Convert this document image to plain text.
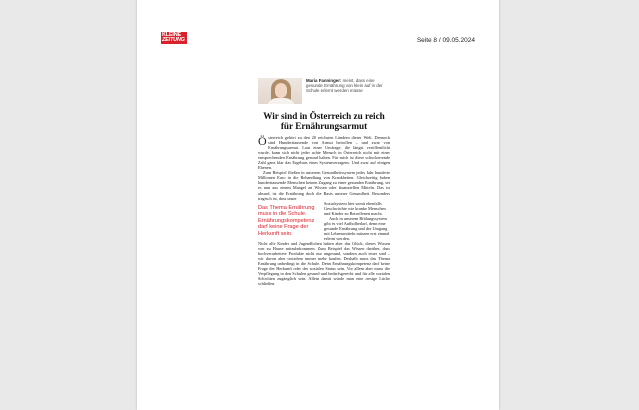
KLEINE
ZEITUNG	Seite 8 / 09.05.2024
Maria Fanninger: meint, dass eine gesunde Ernährung von klein auf in der Schule erlernt werden müsse
Wir sind in Österreich zu reich für Ernährungsarmut

Österreich gehört zu den 20 reichsten Ländern dieser Welt. Dennoch sind Hunderttausende von Armut betroffen – und zwar von Ernährungsarmut. Laut einer Umfrage, die längst veröffentlicht wurde, kann sich nicht jeder achte Mensch in Österreich nicht mit einer entsprechenden Ernährung gesund halten. Für mich ist diese schockierende Zahl ganz klar das Ergebnis eines Systemversagens. Und zwar auf einigen Ebenen.

Zum Beispiel fließen in unserem Gesundheitssystem jedes Jahr hunderte Millionen Euro in die Behandlung von Krankheiten. Gleichzeitig haben hunderttausende Menschen keinen Zugang zu einer gesunden Ernährung, sei es nun aus einem Mangel an Wissen oder finanziellen Mitteln. Das ist absurd, ist die Ernährung doch die Basis unserer Gesundheit. Besonders tragisch ist, dass unser

Das Thema Ernährung muss in die Schule. Ernährungskompetenz darf keine Frage der Herkunft sein.

Sozialsystem hier somit ebenfalls Geschwächte wie kranke Menschen und Kinder zu Betroffenen macht.

Auch in unserem Bildungssystem gibt es viel Aufholbedarf, denn eine gesunde Ernährung und der Umgang mit Lebensmitteln müssen erst einmal erlernt werden.

Nicht alle Kinder und Jugendlichen haben aber das Glück, dieses Wissen von zu Hause mitzubekommen. Zum Beispiel das Wissen darüber, dass hochverarbeitete Produkte nicht nur ungesund, sondern auch teuer sind – wir davon aber trotzdem immer mehr kaufen. Deshalb muss das Thema Ernährung unbedingt in die Schule. Denn Ernährungskompetenz darf keine Frage der Herkunft oder des sozialen Status sein. Vor allem aber muss die Verpflegung in den Schulen gesund und bedarfsgerecht und für alle sozialen Schichten zugänglich sein. Allein damit würde man eine riesige Lücke schließen.
